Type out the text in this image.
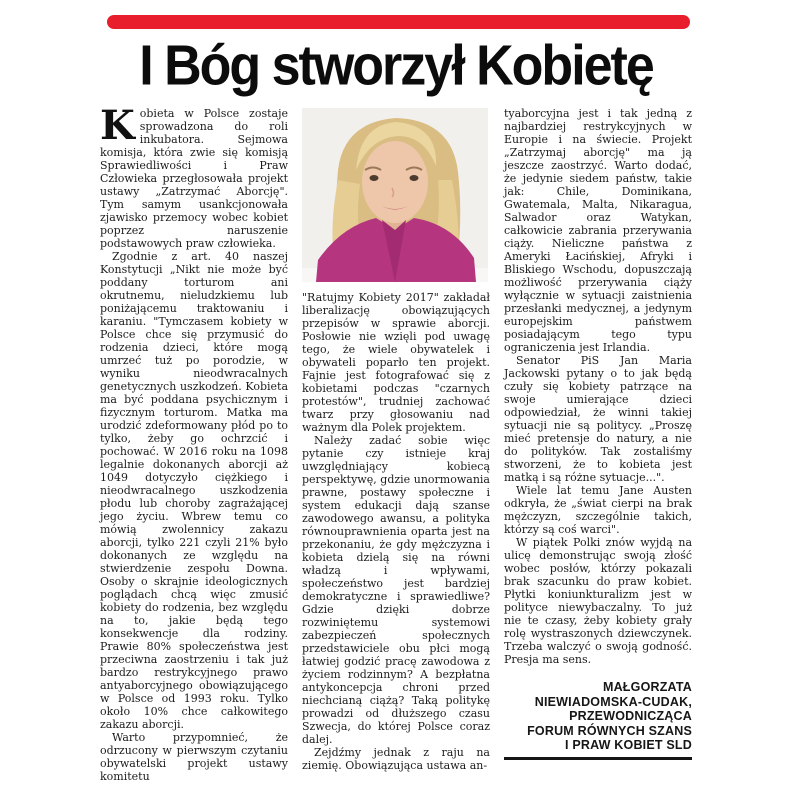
I Bóg stworzył Kobietę

Kobieta w Polsce zostaje sprowadzona do roli inkubatora. Sejmowa komisja, która zwie się komisją Sprawiedliwości i Praw Człowieka przegłosowała projekt ustawy „Zatrzymać Aborcję". Tym samym usankcjonowała zjawisko przemocy wobec kobiet poprzez naruszenie podstawowych praw człowieka.

Zgodnie z art. 40 naszej Konstytucji „Nikt nie może być poddany torturom ani okrutnemu, nieludzkiemu lub poniżającemu traktowaniu i karaniu. "Tymczasem kobiety w Polsce chce się przymusić do rodzenia dzieci, które mogą umrzeć tuż po porodzie, w wyniku nieodwracalnych genetycznych uszkodzeń. Kobieta ma być poddana psychicznym i fizycznym torturom. Matka ma urodzić zdeformowany płód po to tylko, żeby go ochrzcić i pochować. W 2016 roku na 1098 legalnie dokonanych aborcji aż 1049 dotyczyło ciężkiego i nieodwracalnego uszkodzenia płodu lub choroby zagrażającej jego życiu. Wbrew temu co mówią zwolennicy zakazu aborcji, tylko 221 czyli 21% było dokonanych ze względu na stwierdzenie zespołu Downa. Osoby o skrajnie ideologicznych poglądach chcą więc zmusić kobiety do rodzenia, bez względu na to, jakie będą tego konsekwencje dla rodziny. Prawie 80% społeczeństwa jest przeciwna zaostrzeniu i tak już bardzo restrykcyjnego prawo antyaborcyjnego obowiązującego w Polsce od 1993 roku. Tylko około 10% chce całkowitego zakazu aborcji.

Warto przypomnieć, że odrzucony w pierwszym czytaniu obywatelski projekt ustawy komitetu

"Ratujmy Kobiety 2017" zakładał liberalizację obowiązujących przepisów w sprawie aborcji. Posłowie nie wzięli pod uwagę tego, że wiele obywatelek i obywateli poparło ten projekt. Fajnie jest fotografować się z kobietami podczas "czarnych protestów", trudniej zachować twarz przy głosowaniu nad ważnym dla Polek projektem.

Należy zadać sobie więc pytanie czy istnieje kraj uwzględniający kobiecą perspektywę, gdzie unormowania prawne, postawy społeczne i system edukacji dają szanse zawodowego awansu, a polityka równouprawnienia oparta jest na przekonaniu, że gdy mężczyzna i kobieta dzielą się na równi władzą i wpływami, społeczeństwo jest bardziej demokratyczne i sprawiedliwe? Gdzie dzięki dobrze rozwiniętemu systemowi zabezpieczeń społecznych przedstawiciele obu płci mogą łatwiej godzić pracę zawodowa z życiem rodzinnym? A bezpłatna antykoncepcja chroni przed niechcianą ciążą? Taką politykę prowadzi od dłuższego czasu Szwecja, do której Polsce coraz dalej.

Zejdźmy jednak z raju na ziemię. Obowiązująca ustawa an-

tyaborcyjna jest i tak jedną z najbardziej restrykcyjnych w Europie i na świecie. Projekt „Zatrzymaj aborcję" ma ją jeszcze zaostrzyć. Warto dodać, że jedynie siedem państw, takie jak: Chile, Dominikana, Gwatemala, Malta, Nikaragua, Salwador oraz Watykan, całkowicie zabrania przerywania ciąży. Nieliczne państwa z Ameryki Łacińskiej, Afryki i Bliskiego Wschodu, dopuszczają możliwość przerywania ciąży wyłącznie w sytuacji zaistnienia przesłanki medycznej, a jedynym europejskim państwem posiadającym tego typu ograniczenia jest Irlandia.

Senator PiS Jan Maria Jackowski pytany o to jak będą czuły się kobiety patrzące na swoje umierające dzieci odpowiedział, że winni takiej sytuacji nie są politycy. „Proszę mieć pretensje do natury, a nie do polityków. Tak zostaliśmy stworzeni, że to kobieta jest matką i są różne sytuacje...".

Wiele lat temu Jane Austen odkryła, że „świat cierpi na brak mężczyzn, szczególnie takich, którzy są coś warci".

W piątek Polki znów wyjdą na ulicę demonstrując swoją złość wobec posłów, którzy pokazali brak szacunku do praw kobiet. Płytki koniunkturalizm jest w polityce niewybaczalny. To już nie te czasy, żeby kobiety grały rolę wystraszonych dziewczynek. Trzeba walczyć o swoją godność. Presja ma sens.

MAŁGORZATA
NIEWIADOMSKA-CUDAK,
PRZEWODNICZĄCA
FORUM RÓWNYCH SZANS
I PRAW KOBIET SLD
